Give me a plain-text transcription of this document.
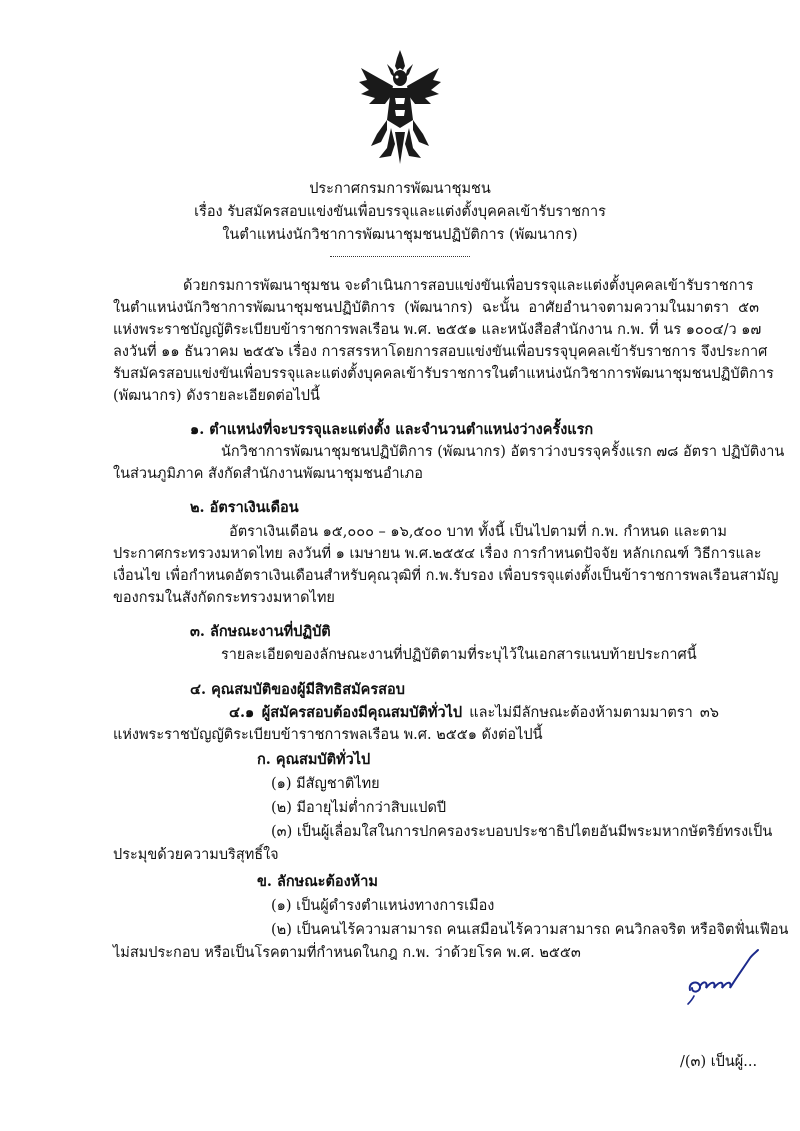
ประกาศกรมการพัฒนาชุมชน
เรื่อง รับสมัครสอบแข่งขันเพื่อบรรจุและแต่งตั้งบุคคลเข้ารับราชการ
ในตำแหน่งนักวิชาการพัฒนาชุมชนปฏิบัติการ (พัฒนากร)
ด้วยกรมการพัฒนาชุมชน จะดำเนินการสอบแข่งขันเพื่อบรรจุและแต่งตั้งบุคคลเข้ารับราชการ
ในตำแหน่งนักวิชาการพัฒนาชุมชนปฏิบัติการ (พัฒนากร) ฉะนั้น อาศัยอำนาจตามความในมาตรา ๕๓
แห่งพระราชบัญญัติระเบียบข้าราชการพลเรือน พ.ศ. ๒๕๕๑ และหนังสือสำนักงาน ก.พ. ที่ นร ๑๐๐๔/ว ๑๗
ลงวันที่ ๑๑ ธันวาคม ๒๕๕๖ เรื่อง การสรรหาโดยการสอบแข่งขันเพื่อบรรจุบุคคลเข้ารับราชการ จึงประกาศ
รับสมัครสอบแข่งขันเพื่อบรรจุและแต่งตั้งบุคคลเข้ารับราชการในตำแหน่งนักวิชาการพัฒนาชุมชนปฏิบัติการ
(พัฒนากร) ดังรายละเอียดต่อไปนี้
๑. ตำแหน่งที่จะบรรจุและแต่งตั้ง และจำนวนตำแหน่งว่างครั้งแรก
นักวิชาการพัฒนาชุมชนปฏิบัติการ (พัฒนากร) อัตราว่างบรรจุครั้งแรก ๗๘ อัตรา ปฏิบัติงาน
ในส่วนภูมิภาค สังกัดสำนักงานพัฒนาชุมชนอำเภอ
๒. อัตราเงินเดือน
อัตราเงินเดือน ๑๕,๐๐๐ – ๑๖,๕๐๐ บาท ทั้งนี้ เป็นไปตามที่ ก.พ. กำหนด และตาม
ประกาศกระทรวงมหาดไทย ลงวันที่ ๑ เมษายน พ.ศ.๒๕๕๔ เรื่อง การกำหนดปัจจัย หลักเกณฑ์ วิธีการและ
เงื่อนไข เพื่อกำหนดอัตราเงินเดือนสำหรับคุณวุฒิที่ ก.พ.รับรอง เพื่อบรรจุแต่งตั้งเป็นข้าราชการพลเรือนสามัญ
ของกรมในสังกัดกระทรวงมหาดไทย
๓. ลักษณะงานที่ปฏิบัติ
รายละเอียดของลักษณะงานที่ปฏิบัติตามที่ระบุไว้ในเอกสารแนบท้ายประกาศนี้
๔. คุณสมบัติของผู้มีสิทธิสมัครสอบ
๔.๑ ผู้สมัครสอบต้องมีคุณสมบัติทั่วไป และไม่มีลักษณะต้องห้ามตามมาตรา ๓๖
แห่งพระราชบัญญัติระเบียบข้าราชการพลเรือน พ.ศ. ๒๕๕๑ ดังต่อไปนี้
ก. คุณสมบัติทั่วไป
(๑) มีสัญชาติไทย
(๒) มีอายุไม่ต่ำกว่าสิบแปดปี
(๓) เป็นผู้เลื่อมใสในการปกครองระบอบประชาธิปไตยอันมีพระมหากษัตริย์ทรงเป็น
ประมุขด้วยความบริสุทธิ์ใจ
ข. ลักษณะต้องห้าม
(๑) เป็นผู้ดำรงตำแหน่งทางการเมือง
(๒) เป็นคนไร้ความสามารถ คนเสมือนไร้ความสามารถ คนวิกลจริต หรือจิตฟั่นเฟือน
ไม่สมประกอบ หรือเป็นโรคตามที่กำหนดในกฎ ก.พ. ว่าด้วยโรค พ.ศ. ๒๕๕๓
/(๓) เป็นผู้...
